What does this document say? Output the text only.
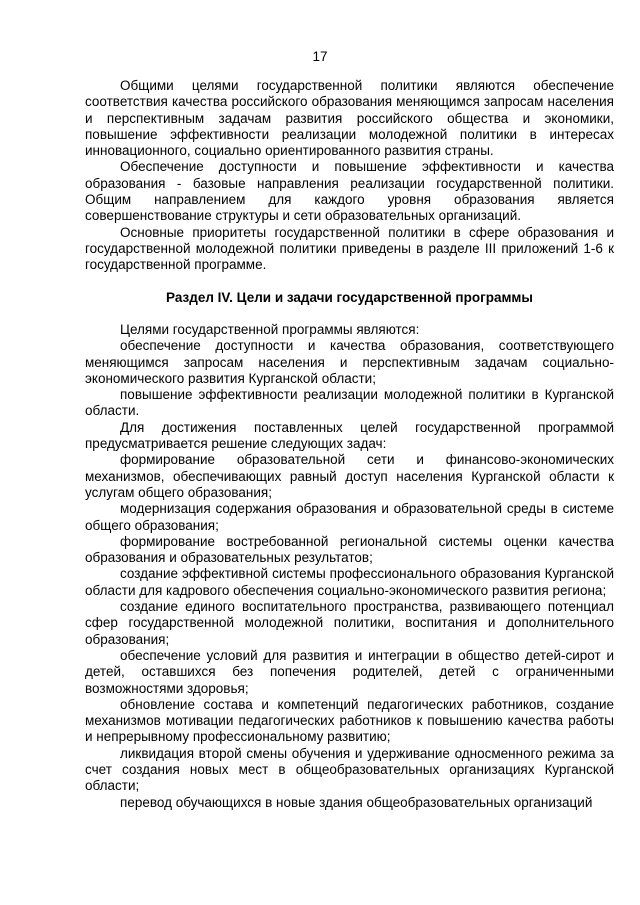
17

Общими целями государственной политики являются обеспечение соответствия качества российского образования меняющимся запросам населения и перспективным задачам развития российского общества и экономики, повышение эффективности реализации молодежной политики в интересах инновационного, социально ориентированного развития страны.

Обеспечение доступности и повышение эффективности и качества образования - базовые направления реализации государственной политики. Общим направлением для каждого уровня образования является совершенствование структуры и сети образовательных организаций.

Основные приоритеты государственной политики в сфере образования и государственной молодежной политики приведены в разделе III приложений 1-6 к государственной программе.

Раздел IV. Цели и задачи государственной программы

Целями государственной программы являются:

обеспечение доступности и качества образования, соответствующего меняющимся запросам населения и перспективным задачам социально-экономического развития Курганской области;

повышение эффективности реализации молодежной политики в Курганской области.

Для достижения поставленных целей государственной программой предусматривается решение следующих задач:

формирование образовательной сети и финансово-экономических механизмов, обеспечивающих равный доступ населения Курганской области к услугам общего образования;

модернизация содержания образования и образовательной среды в системе общего образования;

формирование востребованной региональной системы оценки качества образования и образовательных результатов;

создание эффективной системы профессионального образования Курганской области для кадрового обеспечения социально-экономического развития региона;

создание единого воспитательного пространства, развивающего потенциал сфер государственной молодежной политики, воспитания и дополнительного образования;

обеспечение условий для развития и интеграции в общество детей-сирот и детей, оставшихся без попечения родителей, детей с ограниченными возможностями здоровья;

обновление состава и компетенций педагогических работников, создание механизмов мотивации педагогических работников к повышению качества работы и непрерывному профессиональному развитию;

ликвидация второй смены обучения и удерживание односменного режима за счет создания новых мест в общеобразовательных организациях Курганской области;

перевод обучающихся в новые здания общеобразовательных организаций
